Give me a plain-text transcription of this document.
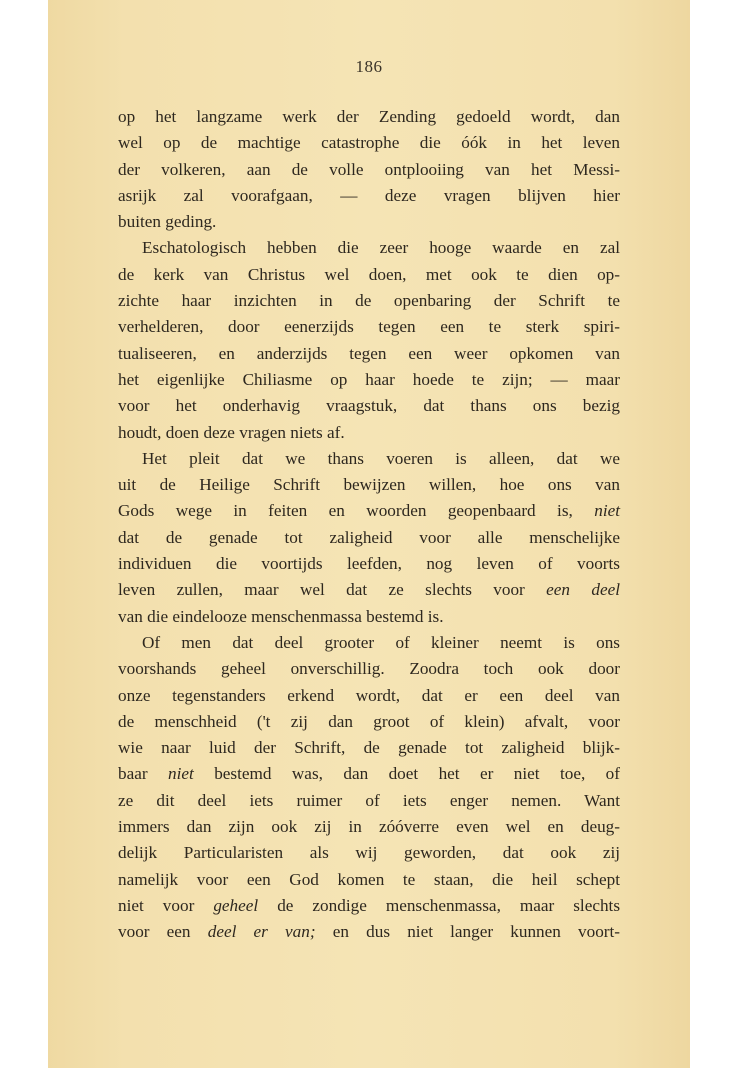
186
op het langzame werk der Zending gedoeld wordt, dan
wel op de machtige catastrophe die óók in het leven
der volkeren, aan de volle ontplooiing van het Messi-
asrijk zal voorafgaan, — deze vragen blijven hier
buiten geding.
Eschatologisch hebben die zeer hooge waarde en zal
de kerk van Christus wel doen, met ook te dien op-
zichte haar inzichten in de openbaring der Schrift te
verhelderen, door eenerzijds tegen een te sterk spiri-
tualiseeren, en anderzijds tegen een weer opkomen van
het eigenlijke Chiliasme op haar hoede te zijn; — maar
voor het onderhavig vraagstuk, dat thans ons bezig
houdt, doen deze vragen niets af.
Het pleit dat we thans voeren is alleen, dat we
uit de Heilige Schrift bewijzen willen, hoe ons van
Gods wege in feiten en woorden geopenbaard is, niet
dat de genade tot zaligheid voor alle menschelijke
individuen die voortijds leefden, nog leven of voorts
leven zullen, maar wel dat ze slechts voor een deel
van die eindelooze menschenmassa bestemd is.
Of men dat deel grooter of kleiner neemt is ons
voorshands geheel onverschillig. Zoodra toch ook door
onze tegenstanders erkend wordt, dat er een deel van
de menschheid ('t zij dan groot of klein) afvalt, voor
wie naar luid der Schrift, de genade tot zaligheid blijk-
baar niet bestemd was, dan doet het er niet toe, of
ze dit deel iets ruimer of iets enger nemen. Want
immers dan zijn ook zij in zóóverre even wel en deug-
delijk Particularisten als wij geworden, dat ook zij
namelijk voor een God komen te staan, die heil schept
niet voor geheel de zondige menschenmassa, maar slechts
voor een deel er van; en dus niet langer kunnen voort-
